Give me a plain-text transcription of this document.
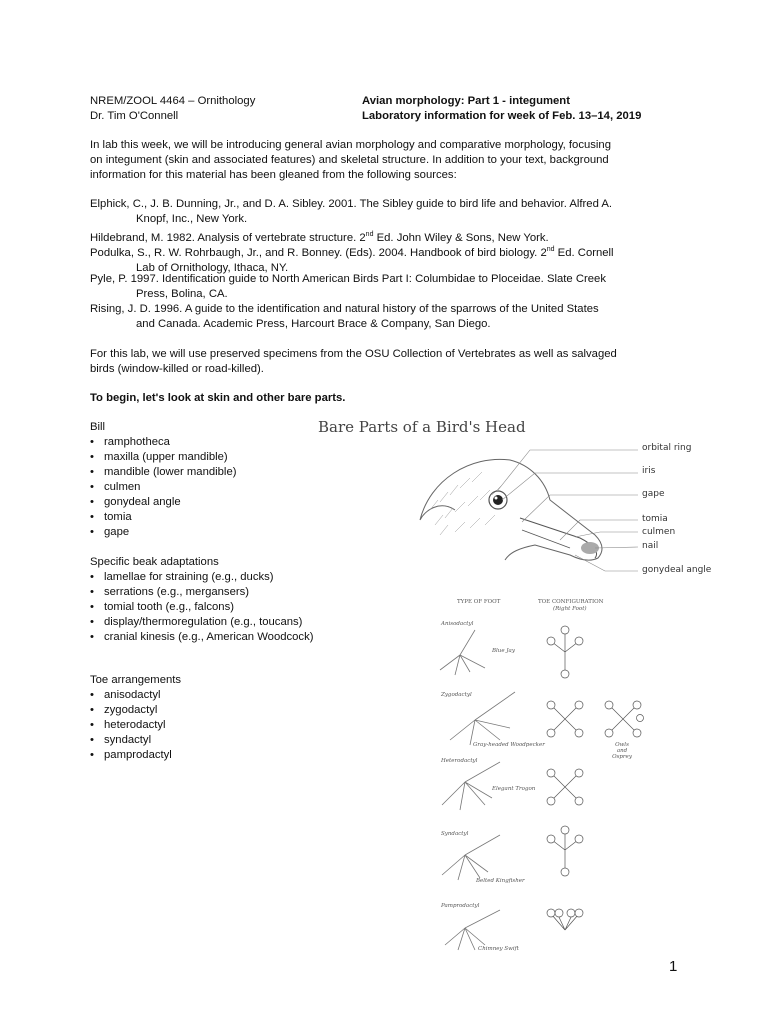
NREM/ZOOL 4464 – Ornithology

Dr. Tim O'Connell

Avian morphology: Part 1 - integument

Laboratory information for week of Feb. 13–14, 2019

In lab this week, we will be introducing general avian morphology and comparative morphology, focusing
on integument (skin and associated features) and skeletal structure. In addition to your text, background
information for this material has been gleaned from the following sources:
Elphick, C., J. B. Dunning, Jr., and D. A. Sibley. 2001. The Sibley guide to bird life and behavior. Alfred A.
Knopf, Inc., New York.
Hildebrand, M. 1982. Analysis of vertebrate structure. 2nd Ed. John Wiley & Sons, New York.
Podulka, S., R. W. Rohrbaugh, Jr., and R. Bonney. (Eds). 2004. Handbook of bird biology. 2nd Ed. Cornell
Lab of Ornithology, Ithaca, NY.
Pyle, P. 1997. Identification guide to North American Birds Part I: Columbidae to Ploceidae. Slate Creek
Press, Bolina, CA.
Rising, J. D. 1996. A guide to the identification and natural history of the sparrows of the United States
and Canada. Academic Press, Harcourt Brace & Company, San Diego.
For this lab, we will use preserved specimens from the OSU Collection of Vertebrates as well as salvaged
birds (window-killed or road-killed).

To begin, let's look at skin and other bare parts.

Bill

• ramphotheca
• maxilla (upper mandible)
• mandible (lower mandible)
• culmen
• gonydeal angle
• tomia
• gape

Specific beak adaptations

• lamellae for straining (e.g., ducks)
• serrations (e.g., mergansers)
• tomial tooth (e.g., falcons)
• display/thermoregulation (e.g., toucans)
• cranial kinesis (e.g., American Woodcock)

Toe arrangements

• anisodactyl
• zygodactyl
• heterodactyl
• syndactyl
• pamprodactyl
Bare Parts of a Bird's Head
orbital ring
iris
gape
tomia
culmen
nail
gonydeal angle
TYPE OF FOOT	TOE CONFIGURATION
(Right Foot)
Anisodactyl
Blue Jay
Zygodactyl
Gray-headed Woodpecker	Owls and Osprey
Heterodactyl
Elegant Trogon
Syndactyl
Belted Kingfisher
Pamprodactyl
Chimney Swift
1
